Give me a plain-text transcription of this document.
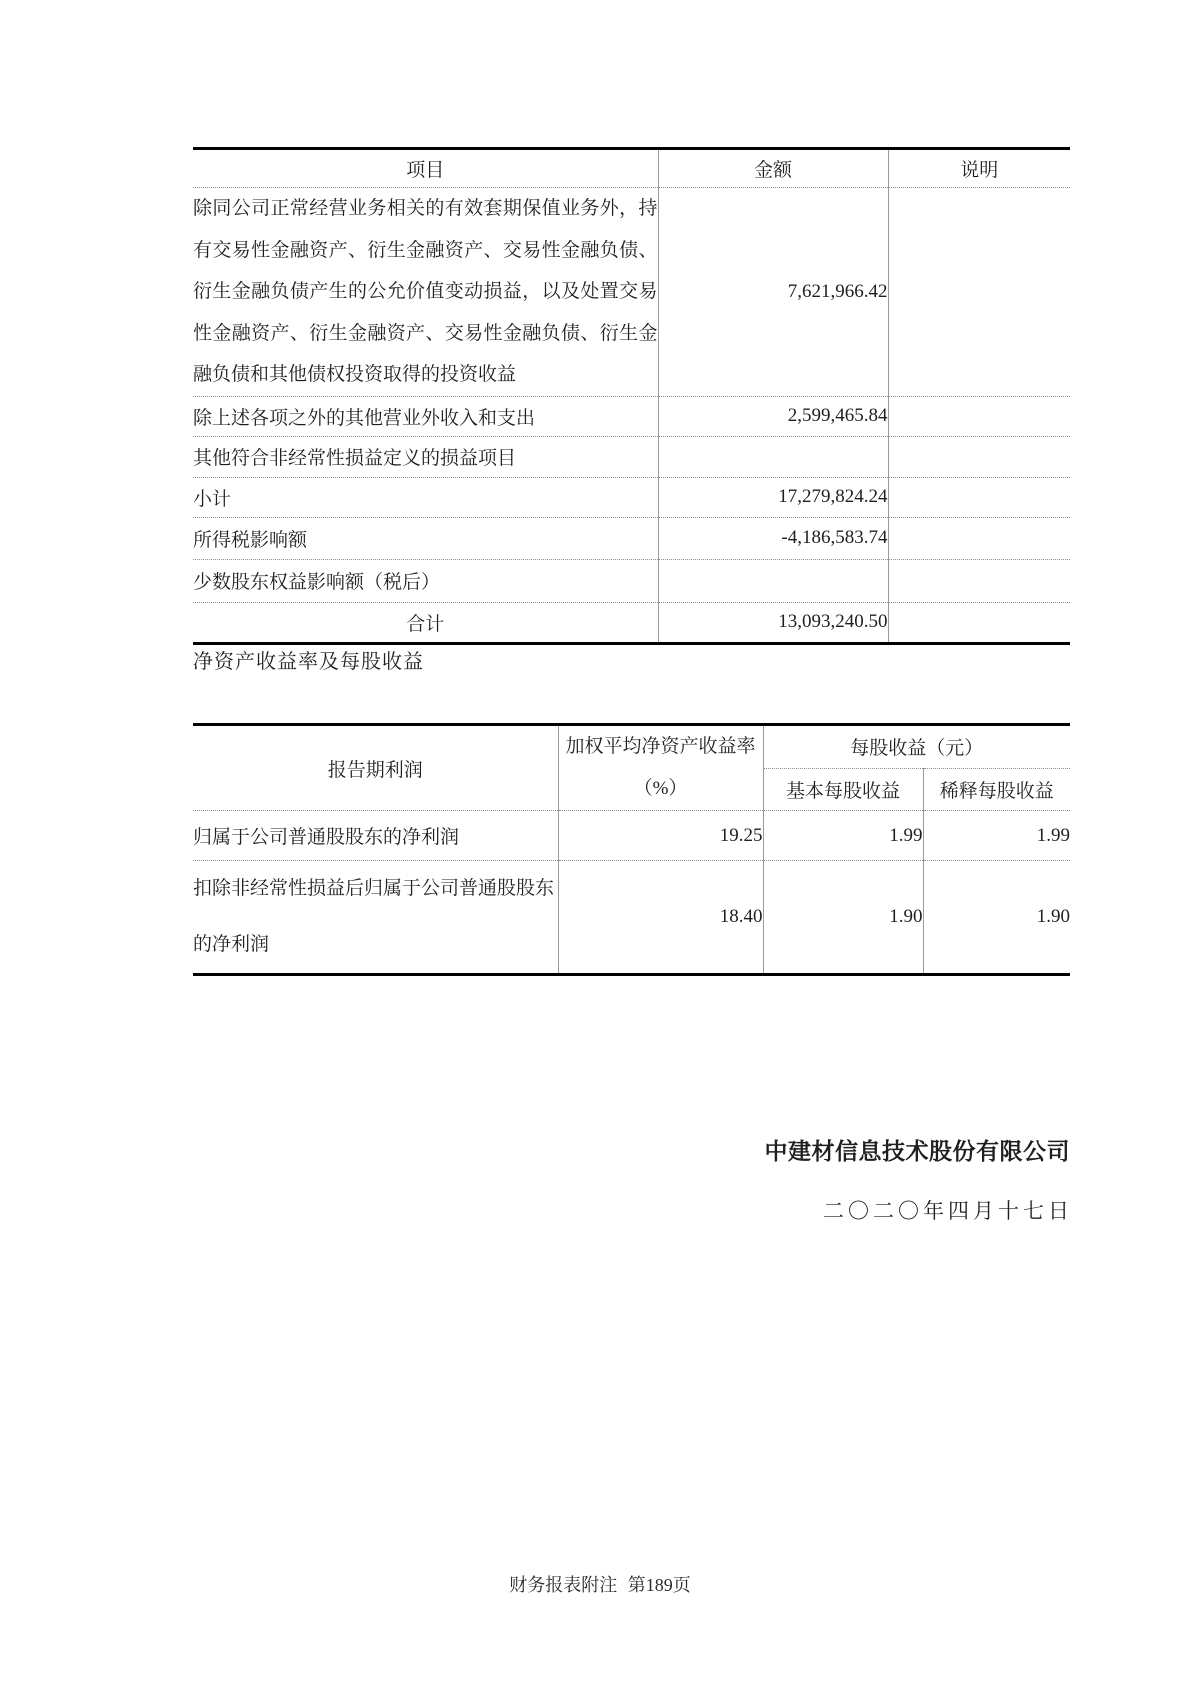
项目	金额	说明
除同公司正常经营业务相关的有效套期保值业务外，持有交易性金融资产、衍生金融资产、交易性金融负债、衍生金融负债产生的公允价值变动损益，以及处置交易性金融资产、衍生金融资产、交易性金融负债、衍生金融负债和其他债权投资取得的投资收益	7,621,966.42	
除上述各项之外的其他营业外收入和支出	2,599,465.84	
其他符合非经常性损益定义的损益项目		
小计	17,279,824.24	
所得税影响额	-4,186,583.74	
少数股东权益影响额（税后）		
合计	13,093,240.50	
净资产收益率及每股收益
报告期利润	加权平均净资产收益率（%）	每股收益（元）	
		基本每股收益	稀释每股收益
归属于公司普通股股东的净利润	19.25	1.99	1.99
扣除非经常性损益后归属于公司普通股股东的净利润	18.40	1.90	1.90
中建材信息技术股份有限公司
二〇二〇年四月十七日
财务报表附注 第189页
